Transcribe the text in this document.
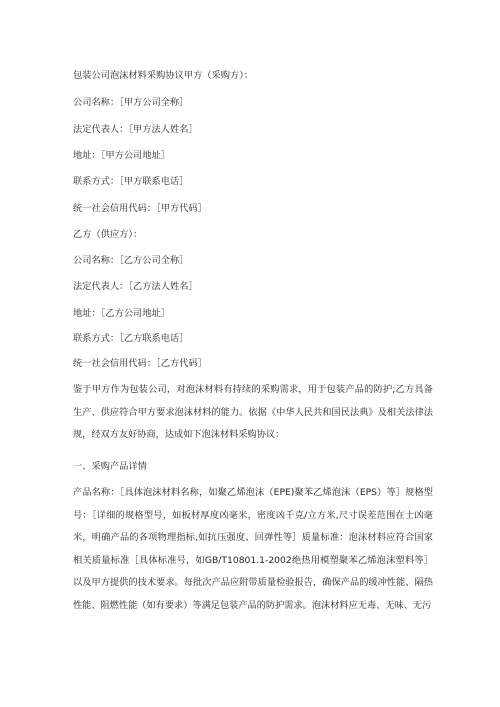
包装公司泡沫材料采购协议甲方（采购方）：
公司名称：［甲方公司全称］
法定代表人：［甲方法人姓名］
地址：［甲方公司地址］
联系方式：［甲方联系电话］
统一社会信用代码：［甲方代码］
乙方（供应方）：
公司名称：［乙方公司全称］
法定代表人：［乙方法人姓名］
地址：［乙方公司地址］
联系方式：［乙方联系电话］
统一社会信用代码：［乙方代码］
鉴于甲方作为包装公司，对泡沫材料有持续的采购需求，用于包装产品的防护;乙方具备生产、供应符合甲方要求泡沫材料的能力。依据《中华人民共和国民法典》及相关法律法规，经双方友好协商，达成如下泡沫材料采购协议：
一、采购产品详情
产品名称：［具体泡沫材料名称，如聚乙烯泡沫（EPE)聚苯乙烯泡沫（EPS）等］规格型号：［详细的规格型号，如板材厚度凶毫米，密度凶千克/立方米,尺寸误差范围在士凶毫米，明确产品的各项物理指标,如抗压强度、回弹性等］质量标准：泡沫材料应符合国家相关质量标准［具体标准号，如GB/T10801.1-2002绝热用模塑聚苯乙烯泡沫塑料等］以及甲方提供的技术要求。每批次产品应附带质量检验报告，确保产品的缓冲性能、隔热性能、阻燃性能（如有要求）等满足包装产品的防护需求。泡沫材料应无毒、无味、无污
